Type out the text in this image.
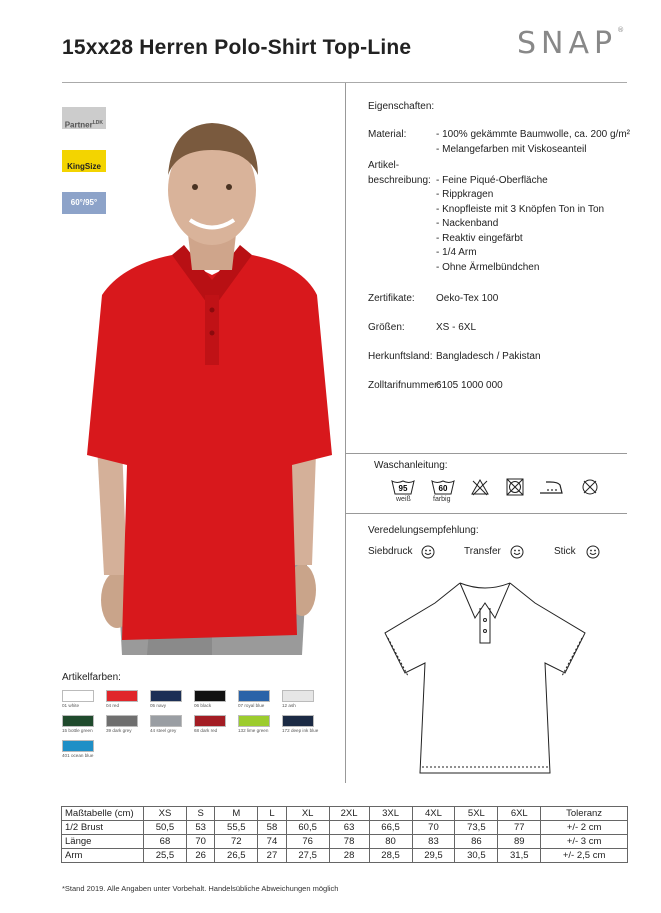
15xx28 Herren Polo-Shirt Top-Line	SNAP®
Partner$^{LDK}$
KingSize
60°/95°
Eigenschaften:
Material:	- 100% gekämmte Baumwolle, ca. 200 g/m²
- Melangefarben mit Viskoseanteil
Artikel-
beschreibung: - Feine Piqué-Oberfläche
- Rippkragen
- Knopfleiste mit 3 Knöpfen Ton in Ton
- Nackenband
- Reaktiv eingefärbt
- 1/4 Arm
- Ohne Ärmelbündchen
Zertifikate:	Oeko-Tex 100
Größen:	XS - 6XL
Herkunftsland: Bangladesch / Pakistan
Zolltarifnummer:
6105 1000 000
Waschanleitung:
95
weiß
60
farbig
Veredelungsempfehlung:
Siebdruck	Transfer	Stick
Artikelfarben:
01 white	04 red	05 navy	06 black	07 royal blue	12 ash
15 bottle green	39 dark grey	44 steel grey	68 dark red	132 lime green	172 deep ink blue
401 ocean blue
Maßtabelle (cm)	XS	S	M	L	XL	2XL	3XL	4XL	5XL	6XL	Toleranz
1/2 Brust	50,5	53	55,5	58	60,5	63	66,5	70	73,5	77	+/- 2 cm
Länge	68	70	72	74	76	78	80	83	86	89	+/- 3 cm
Arm	25,5	26	26,5	27	27,5	28	28,5	29,5	30,5	31,5	+/- 2,5 cm
*Stand 2019. Alle Angaben unter Vorbehalt. Handelsübliche Abweichungen möglich
